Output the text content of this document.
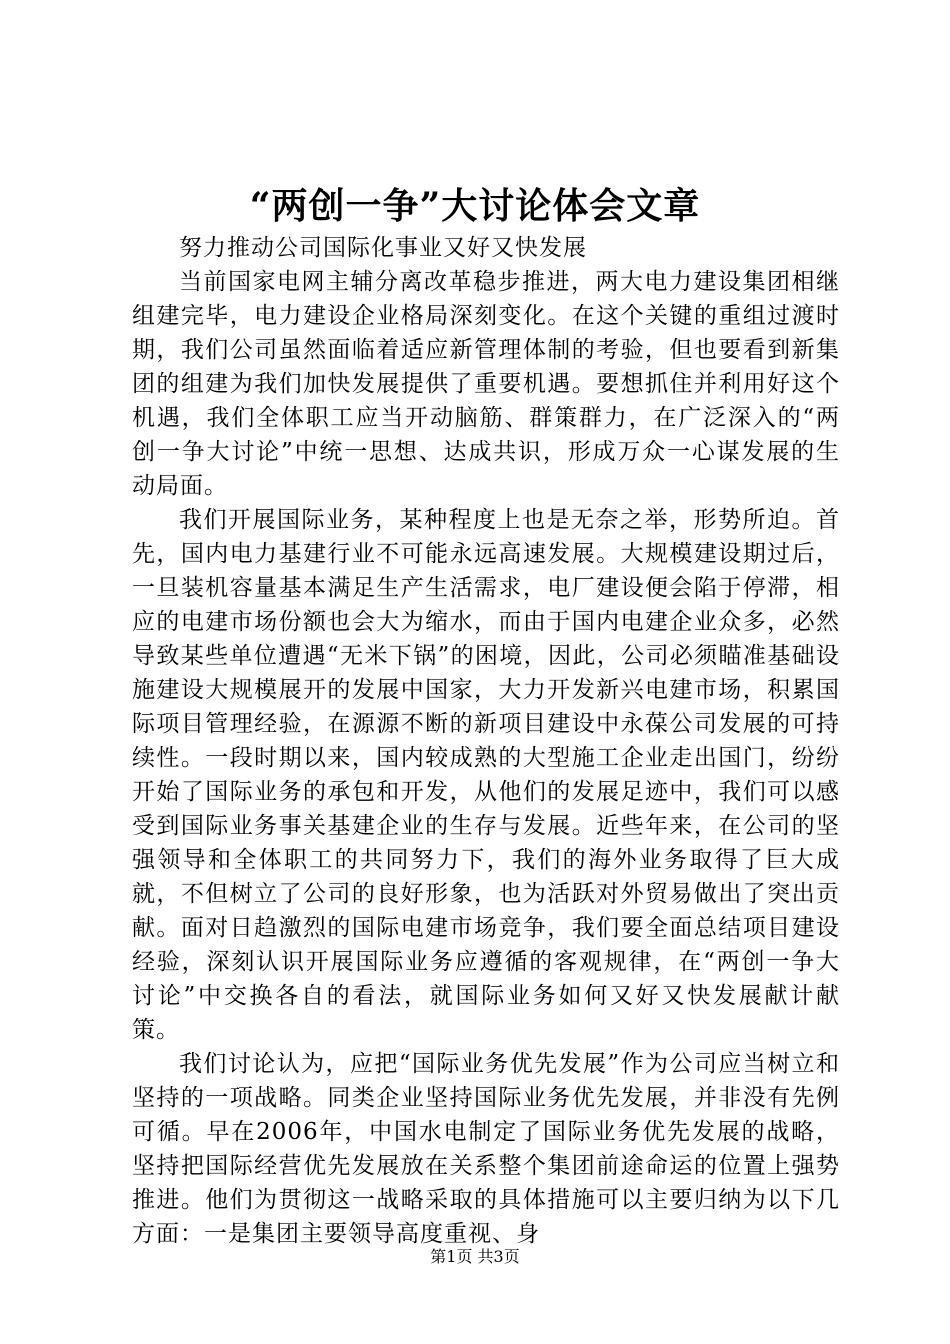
“两创一争”大讨论体会文章

努力推动公司国际化事业又好又快发展

当前国家电网主辅分离改革稳步推进，两大电力建设集团相继组建完毕，电力建设企业格局深刻变化。在这个关键的重组过渡时期，我们公司虽然面临着适应新管理体制的考验，但也要看到新集团的组建为我们加快发展提供了重要机遇。要想抓住并利用好这个机遇，我们全体职工应当开动脑筋、群策群力，在广泛深入的“两创一争大讨论”中统一思想、达成共识，形成万众一心谋发展的生动局面。

我们开展国际业务，某种程度上也是无奈之举，形势所迫。首先，国内电力基建行业不可能永远高速发展。大规模建设期过后，一旦装机容量基本满足生产生活需求，电厂建设便会陷于停滞，相应的电建市场份额也会大为缩水，而由于国内电建企业众多，必然导致某些单位遭遇“无米下锅”的困境，因此，公司必须瞄准基础设施建设大规模展开的发展中国家，大力开发新兴电建市场，积累国际项目管理经验，在源源不断的新项目建设中永葆公司发展的可持续性。一段时期以来，国内较成熟的大型施工企业走出国门，纷纷开始了国际业务的承包和开发，从他们的发展足迹中，我们可以感受到国际业务事关基建企业的生存与发展。近些年来，在公司的坚强领导和全体职工的共同努力下，我们的海外业务取得了巨大成就，不但树立了公司的良好形象，也为活跃对外贸易做出了突出贡献。面对日趋激烈的国际电建市场竞争，我们要全面总结项目建设经验，深刻认识开展国际业务应遵循的客观规律，在“两创一争大讨论”中交换各自的看法，就国际业务如何又好又快发展献计献策。

我们讨论认为，应把“国际业务优先发展”作为公司应当树立和坚持的一项战略。同类企业坚持国际业务优先发展，并非没有先例可循。早在2006年，中国水电制定了国际业务优先发展的战略，坚持把国际经营优先发展放在关系整个集团前途命运的位置上强势推进。他们为贯彻这一战略采取的具体措施可以主要归纳为以下几方面：一是集团主要领导高度重视、身

第1页 共3页
